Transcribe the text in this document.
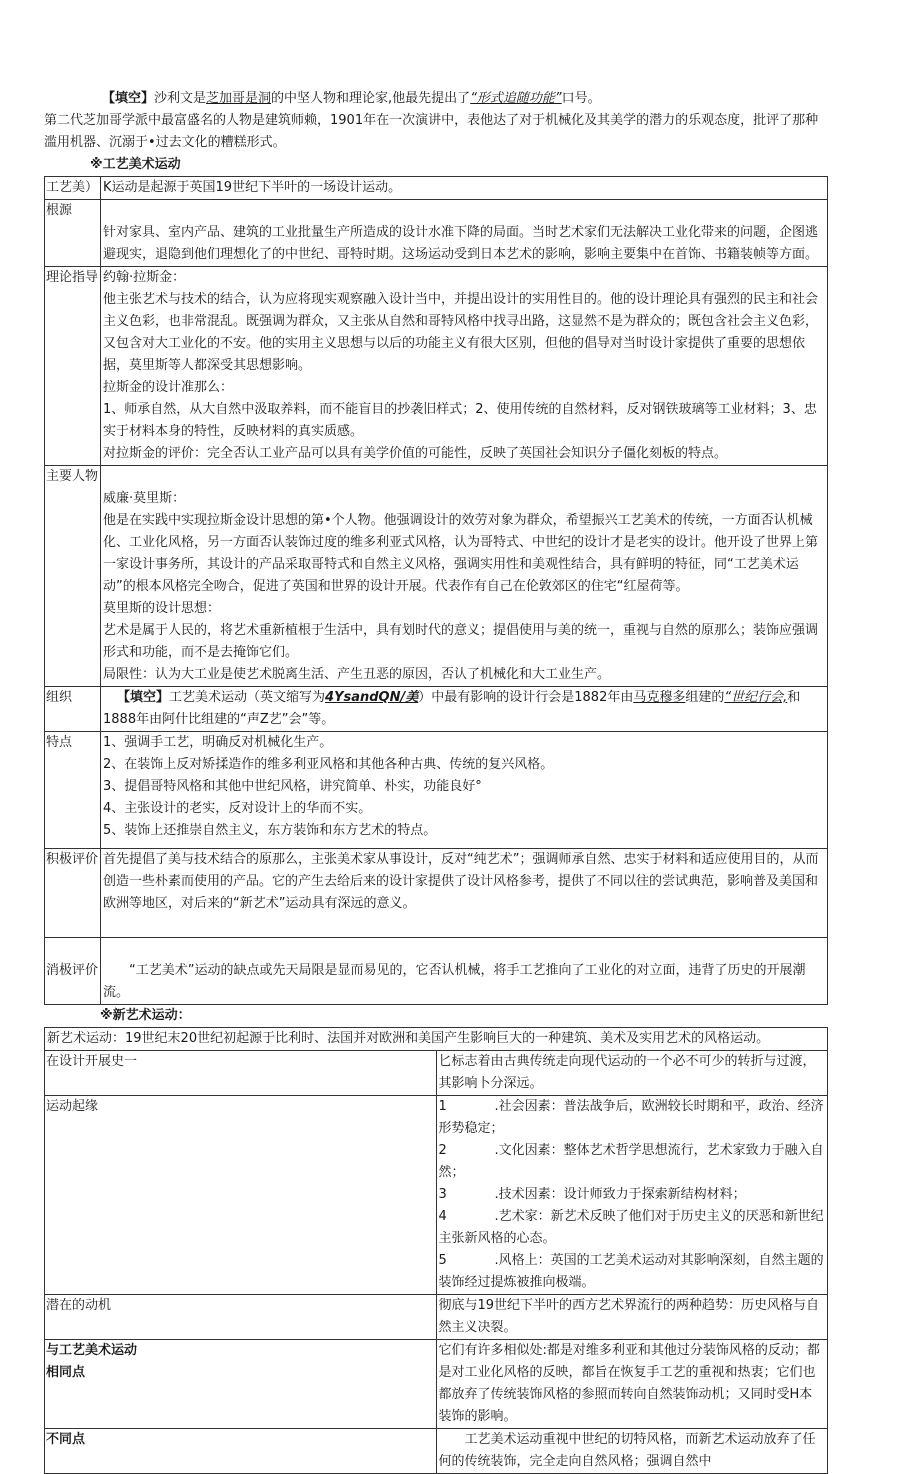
【填空】沙利文是芝加哥是洞的中坚人物和理论家,他最先提出了“形式追随功能”口号。

第二代芝加哥学派中最富盛名的人物是建筑师赖，1901年在一次演讲中，表他达了对于机械化及其美学的潜力的乐观态度，批评了那种滥用机器、沉溺于•过去文化的糟糕形式。

※工艺美术运动
工艺美）	K运动是起源于英国19世纪下半叶的一场设计运动。
根源	针对家具、室内产品、建筑的工业批量生产所造成的设计水准下降的局面。当时艺术家们无法解决工业化带来的问题，企图逃避现实，退隐到他们理想化了的中世纪、哥特时期。这场运动受到日本艺术的影响，影响主要集中在首饰、书籍装帧等方面。
理论指导	约翰·拉斯金：
他主张艺术与技术的结合，认为应将现实观察融入设计当中，并提出设计的实用性目的。他的设计理论具有强烈的民主和社会主义色彩，也非常混乱。既强调为群众，又主张从自然和哥特风格中找寻出路，这显然不是为群众的；既包含社会主义色彩，又包含对大工业化的不安。他的实用主义思想与以后的功能主义有很大区别，但他的倡导对当时设计家提供了重要的思想依据，莫里斯等人都深受其思想影响。
拉斯金的设计准那么：
1、师承自然，从大自然中汲取养料，而不能盲目的抄袭旧样式；2、使用传统的自然材料，反对钢铁玻璃等工业材料；3、忠实于材料本身的特性，反映材料的真实质感。
对拉斯金的评价：完全否认工业产品可以具有美学价值的可能性，反映了英国社会知识分子僵化刻板的特点。

主要人物	威廉·莫里斯：
他是在实践中实现拉斯金设计思想的第•个人物。他强调设计的效劳对象为群众，希望振兴工艺美术的传统，一方面否认机械化、工业化风格，另一方面否认装饰过度的维多利亚式风格，认为哥特式、中世纪的设计才是老实的设计。他开设了世界上第一家设计事务所，其设计的产品采取哥特式和自然主义风格，强调实用性和美观性结合，具有鲜明的特征，同“工艺美术运动”的根本风格完全吻合，促进了英国和世界的设计开展。代表作有自己在伦敦郊区的住宅“红屋荷等。
莫里斯的设计思想：
艺术是属于人民的，将艺术重新植根于生活中，具有划时代的意义；提倡使用与美的统一，重视与自然的原那么；装饰应强调形式和功能，而不是去掩饰它们。
局限性：认为大工业是使艺术脱离生活、产生丑恶的原因，否认了机械化和大工业生产。

组织	【填空】工艺美术运动（英文缩写为4YsandQN/美）中最有影响的设计行会是1882年由马克穆多组建的“世纪行会,和1888年由阿什比组建的“声Z艺”会”等。

特点	1、强调手工艺，明确反对机械化生产。
2、在装饰上反对矫揉造作的维多利亚风格和其他各种古典、传统的复兴风格。
3、提倡哥特风格和其他中世纪风格，讲究简单、朴实，功能良好°
4、主张设计的老实，反对设计上的华而不实。
5、装饰上还推崇自然主义，东方装饰和东方艺术的特点。

积极评价	首先提倡了美与技术结合的原那么，主张美术家从事设计，反对“纯艺术”；强调师承自然、忠实于材料和适应使用目的，从而创造一些朴素而使用的产品。它的产生去给后来的设计家提供了设计风格参考，提供了不同以往的尝试典范，影响普及美国和欧洲等地区，对后来的“新艺术”运动具有深远的意义。

消极评价	“工艺美术”运动的缺点或先天局限是显而易见的，它否认机械，将手工艺推向了工业化的对立面，违背了历史的开展潮流。
※新艺术运动：
新艺术运动：19世纪末20世纪初起源于比利时、法国并对欧洲和美国产生影响巨大的一种建筑、美术及实用艺术的风格运动。	
在设计开展史一	匕标志着由古典传统走向现代运动的一个必不可少的转折与过渡，其影响卜分深远。
运动起缘	1 .社会因素：普法战争后，欧洲较长时期和平，政治、经济形势稳定；
2 .文化因素：整体艺术哲学思想流行，艺术家致力于融入自然；
3 .技术因素：设计师致力于探索新结构材料；
4 .艺术家：新艺术反映了他们对于历史主义的厌恶和新世纪主张新风格的心态。
5 .风格上：英国的工艺美术运动对其影响深刻，自然主题的装饰经过提炼被推向极端。

潜在的动机	彻底与19世纪下半叶的西方艺术界流行的两种趋势：历史风格与自然主义决裂。

与工艺美术运动
相同点	它们有许多相似处:都是对维多利亚和其他过分装饰风格的反动；都是对工业化风格的反映，都旨在恢复手工艺的重视和热衷；它们也都放弃了传统装饰风格的参照而转向自然装饰动机；又同时受H本装饰的影响。
不同点	工艺美术运动重视中世纪的切特风格，而新艺术运动放弃了任何的传统装饰，完全走向自然风格；强调自然中
